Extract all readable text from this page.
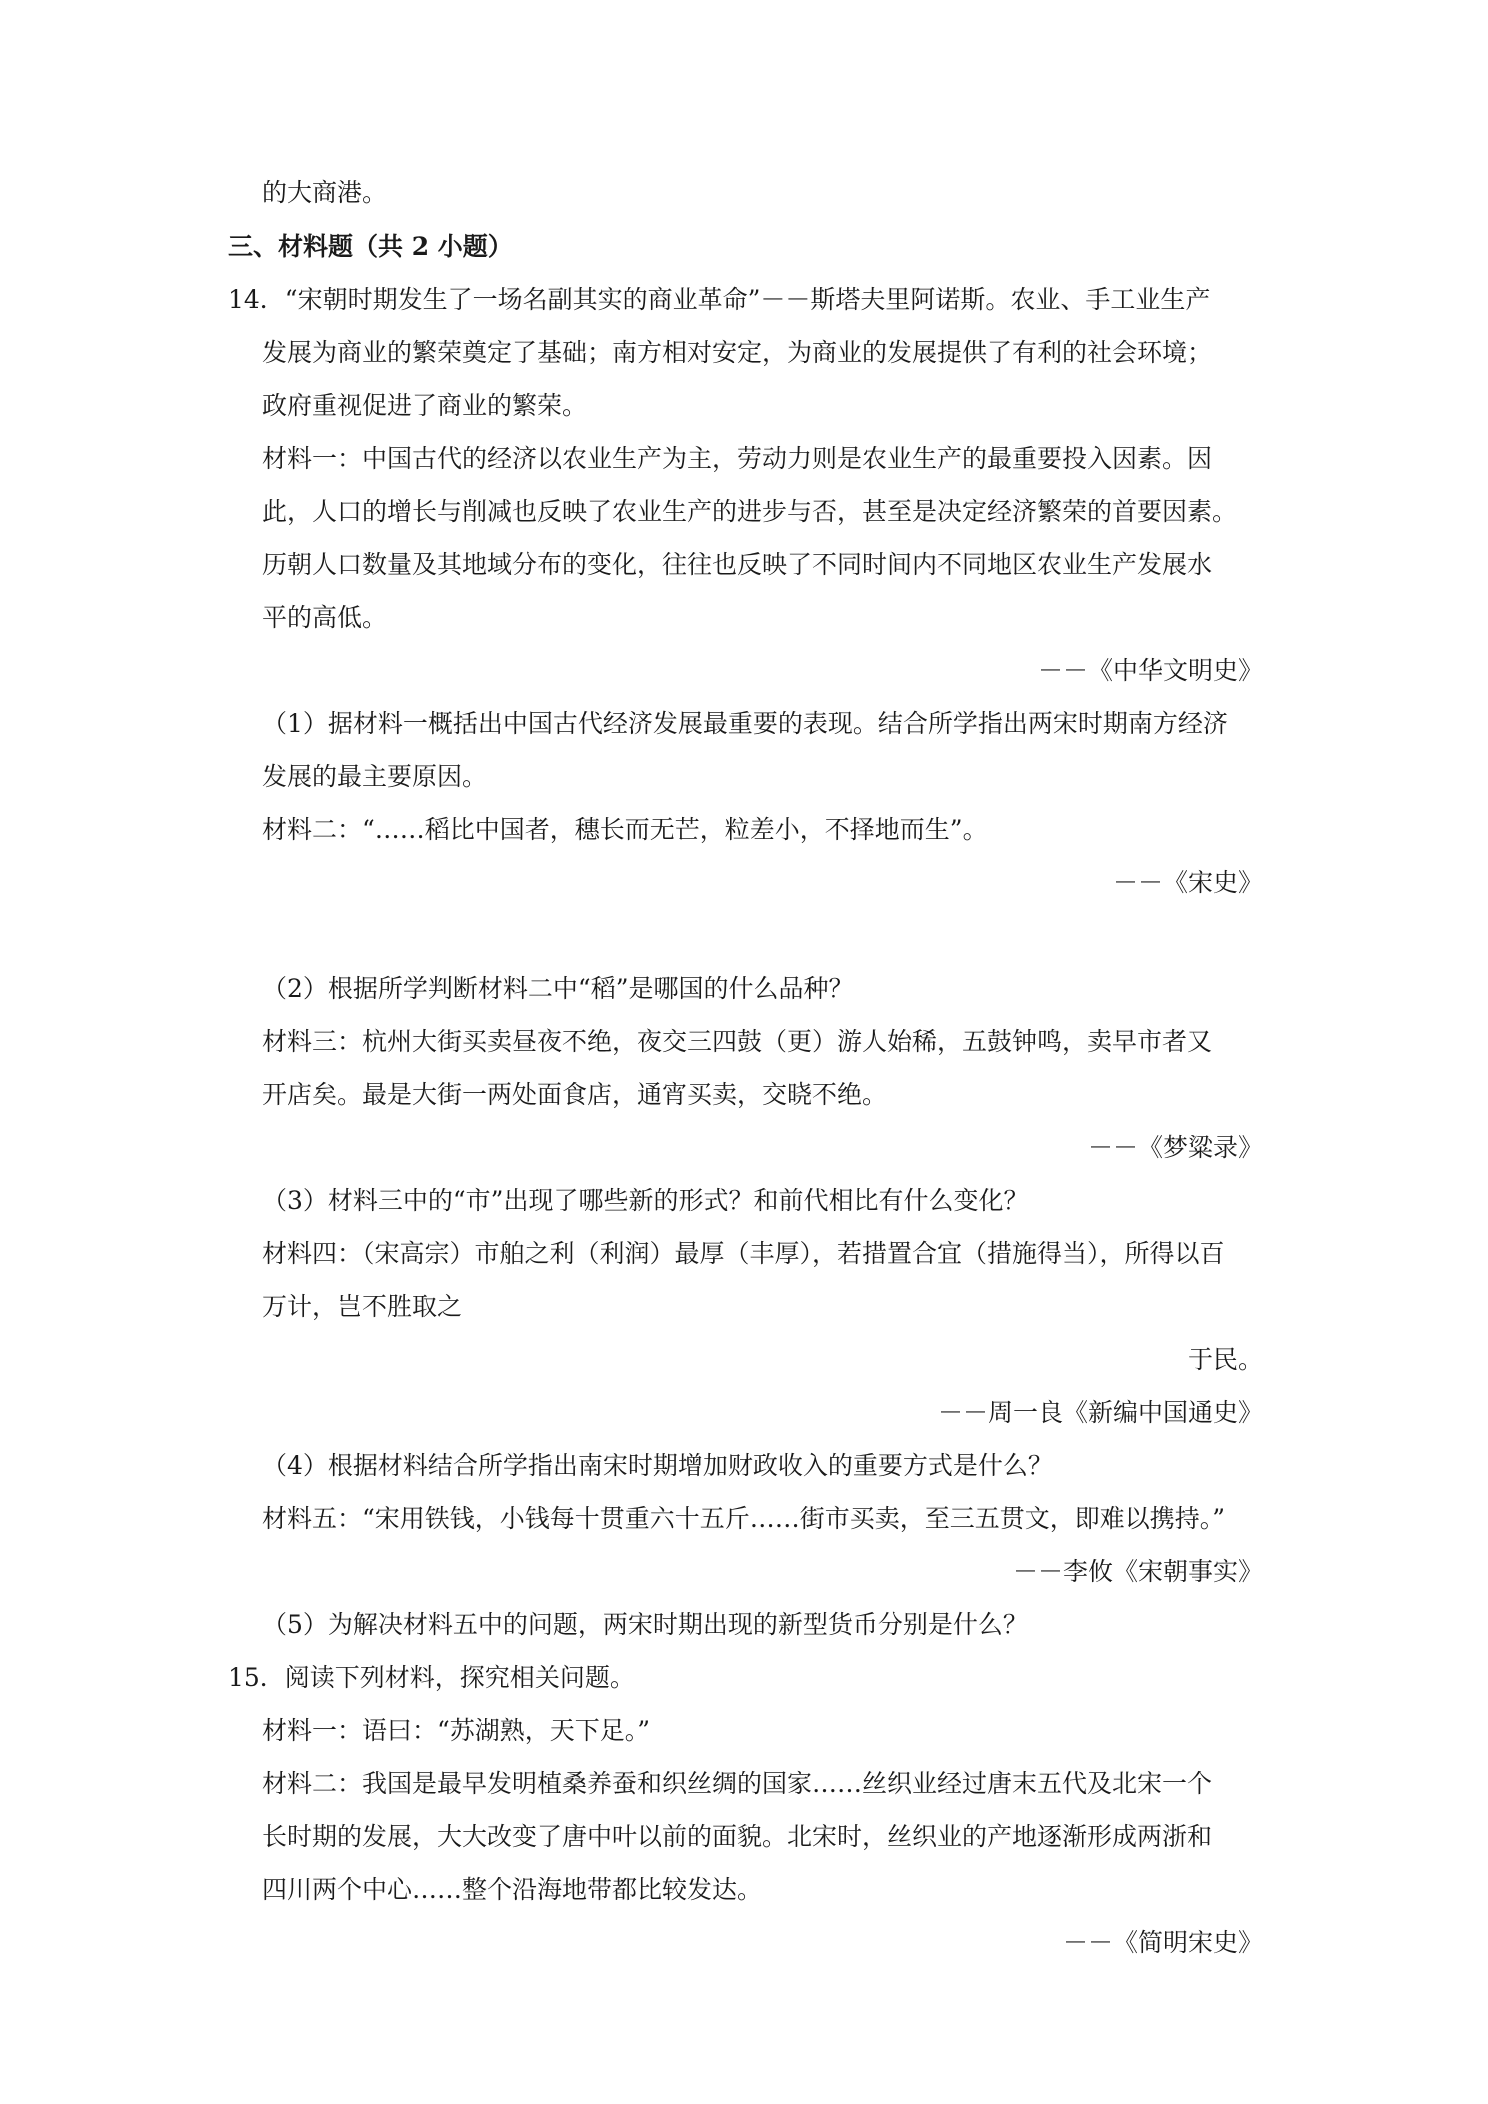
的大商港。

三、材料题（共 2 小题）

14．“宋朝时期发生了一场名副其实的商业革命”－－斯塔夫里阿诺斯。农业、手工业生产

发展为商业的繁荣奠定了基础；南方相对安定，为商业的发展提供了有利的社会环境；

政府重视促进了商业的繁荣。

材料一：中国古代的经济以农业生产为主，劳动力则是农业生产的最重要投入因素。因

此，人口的增长与削减也反映了农业生产的进步与否，甚至是决定经济繁荣的首要因素。

历朝人口数量及其地域分布的变化，往往也反映了不同时间内不同地区农业生产发展水

平的高低。

－－《中华文明史》

（1）据材料一概括出中国古代经济发展最重要的表现。结合所学指出两宋时期南方经济

发展的最主要原因。

材料二：“……稻比中国者，穗长而无芒，粒差小，不择地而生”。

－－《宋史》

（2）根据所学判断材料二中“稻”是哪国的什么品种？

材料三：杭州大街买卖昼夜不绝，夜交三四鼓（更）游人始稀，五鼓钟鸣，卖早市者又

开店矣。最是大街一两处面食店，通宵买卖，交晓不绝。

－－《梦粱录》

（3）材料三中的“市”出现了哪些新的形式？和前代相比有什么变化？

材料四：（宋高宗）市舶之利（利润）最厚（丰厚），若措置合宜（措施得当），所得以百

万计，岂不胜取之

于民。

－－周一良《新编中国通史》

（4）根据材料结合所学指出南宋时期增加财政收入的重要方式是什么？

材料五：“宋用铁钱，小钱每十贯重六十五斤……街市买卖，至三五贯文，即难以携持。”

－－李攸《宋朝事实》

（5）为解决材料五中的问题，两宋时期出现的新型货币分别是什么？

15．阅读下列材料，探究相关问题。

材料一：语曰：“苏湖熟，天下足。”

材料二：我国是最早发明植桑养蚕和织丝绸的国家……丝织业经过唐末五代及北宋一个

长时期的发展，大大改变了唐中叶以前的面貌。北宋时，丝织业的产地逐渐形成两浙和

四川两个中心……整个沿海地带都比较发达。

－－《简明宋史》
